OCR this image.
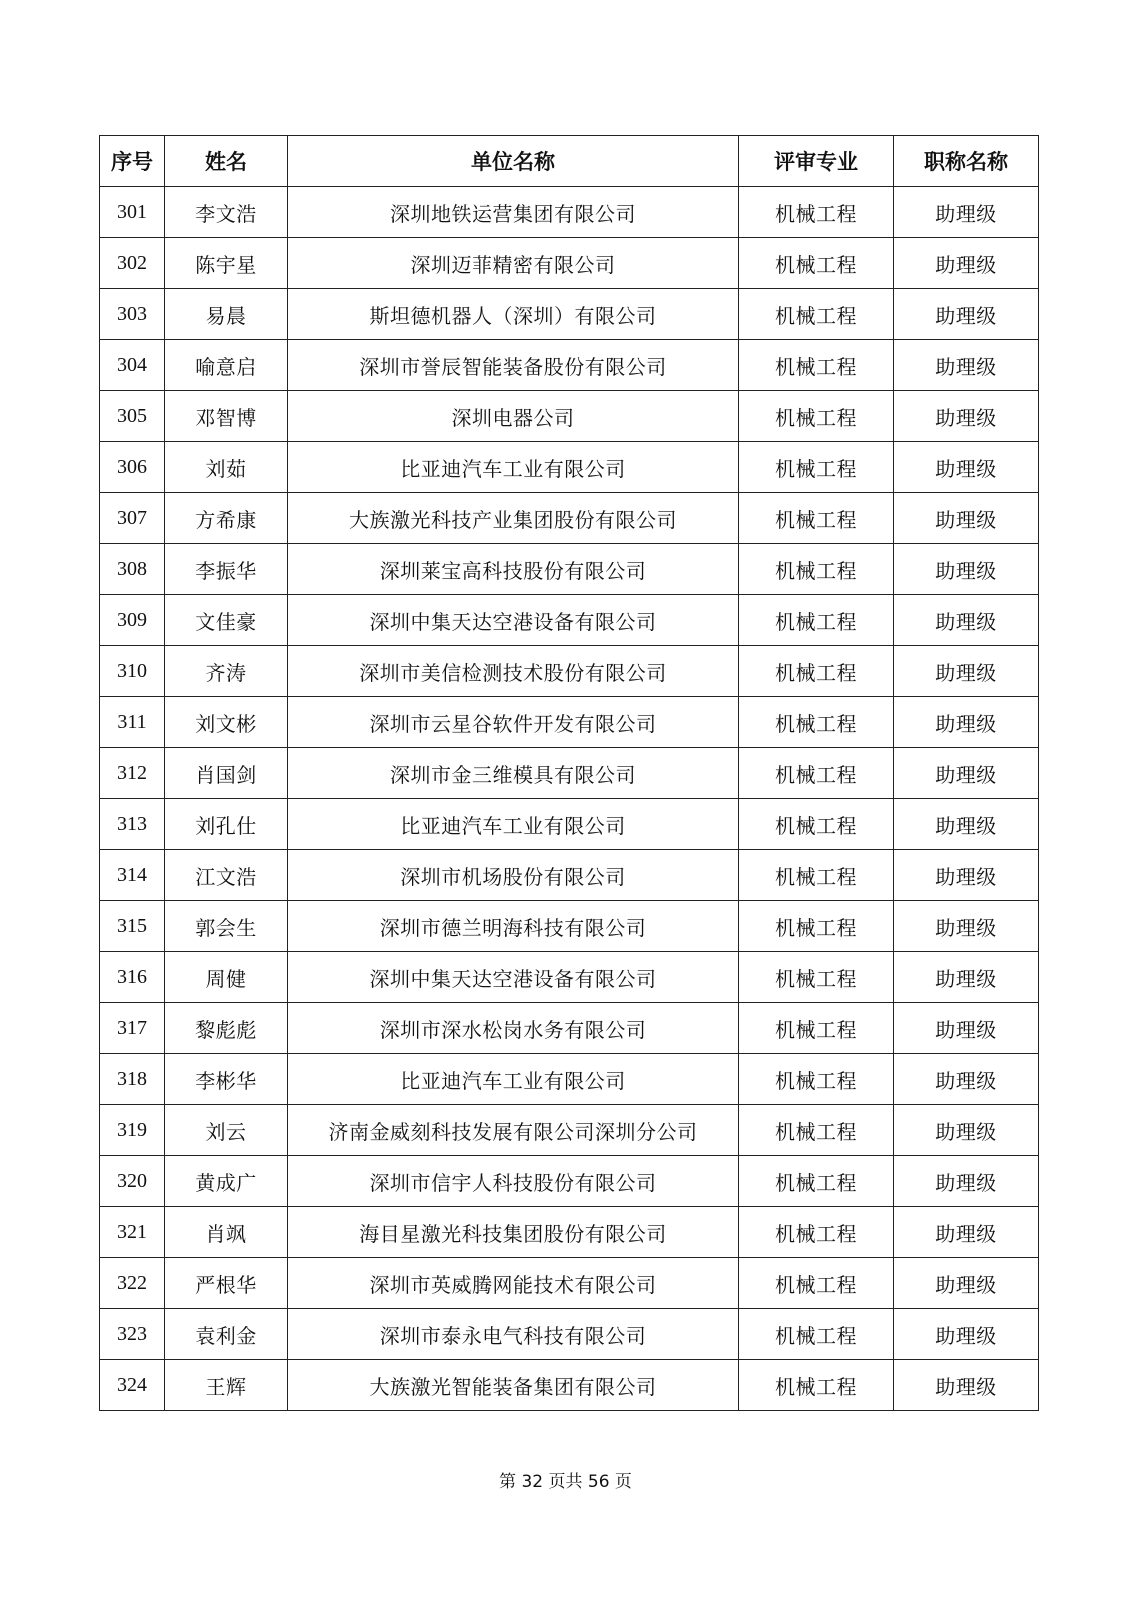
序号	姓名	单位名称	评审专业	职称名称
301	李文浩	深圳地铁运营集团有限公司	机械工程	助理级
302	陈宇星	深圳迈菲精密有限公司	机械工程	助理级
303	易晨	斯坦德机器人（深圳）有限公司	机械工程	助理级
304	喻意启	深圳市誉辰智能装备股份有限公司	机械工程	助理级
305	邓智博	深圳电器公司	机械工程	助理级
306	刘茹	比亚迪汽车工业有限公司	机械工程	助理级
307	方希康	大族激光科技产业集团股份有限公司	机械工程	助理级
308	李振华	深圳莱宝高科技股份有限公司	机械工程	助理级
309	文佳豪	深圳中集天达空港设备有限公司	机械工程	助理级
310	齐涛	深圳市美信检测技术股份有限公司	机械工程	助理级
311	刘文彬	深圳市云星谷软件开发有限公司	机械工程	助理级
312	肖国剑	深圳市金三维模具有限公司	机械工程	助理级
313	刘孔仕	比亚迪汽车工业有限公司	机械工程	助理级
314	江文浩	深圳市机场股份有限公司	机械工程	助理级
315	郭会生	深圳市德兰明海科技有限公司	机械工程	助理级
316	周健	深圳中集天达空港设备有限公司	机械工程	助理级
317	黎彪彪	深圳市深水松岗水务有限公司	机械工程	助理级
318	李彬华	比亚迪汽车工业有限公司	机械工程	助理级
319	刘云	济南金威刻科技发展有限公司深圳分公司	机械工程	助理级
320	黄成广	深圳市信宇人科技股份有限公司	机械工程	助理级
321	肖飒	海目星激光科技集团股份有限公司	机械工程	助理级
322	严根华	深圳市英威腾网能技术有限公司	机械工程	助理级
323	袁利金	深圳市泰永电气科技有限公司	机械工程	助理级
324	王辉	大族激光智能装备集团有限公司	机械工程	助理级
第 32 页共 56 页
